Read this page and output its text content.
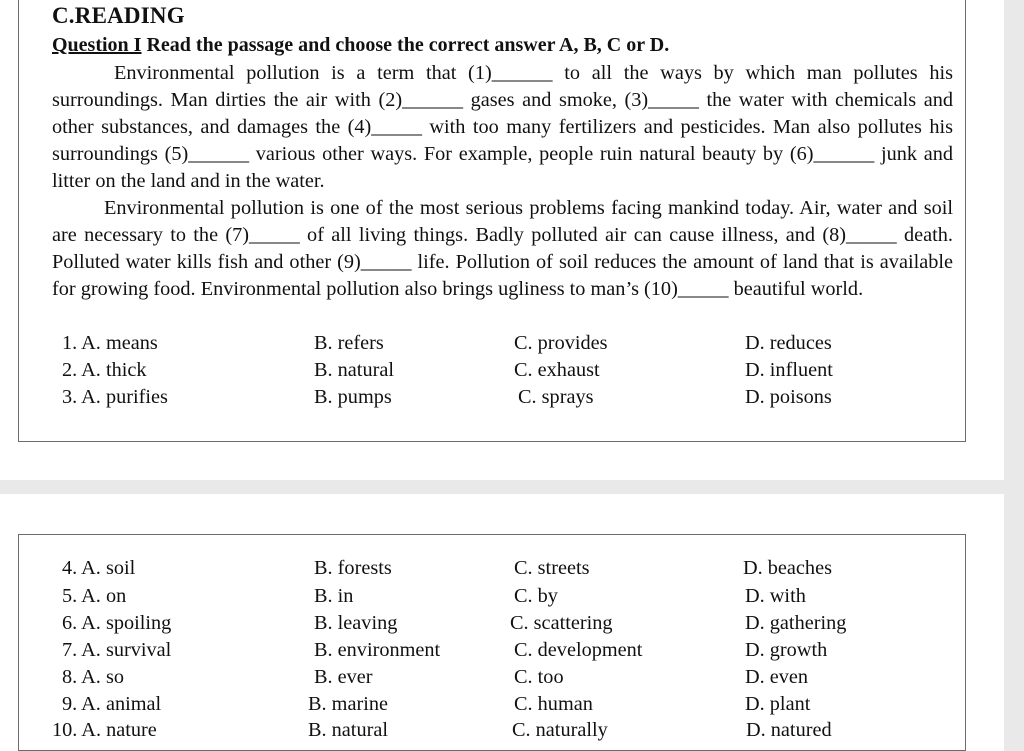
C.READING
Question I Read the passage and choose the correct answer A, B, C or D.

Environmental pollution is a term that (1)______ to all the ways by which man pollutes his surroundings. Man dirties the air with (2)______ gases and smoke, (3)_____ the water with chemicals and other substances, and damages the (4)_____ with too many fertilizers and pesticides. Man also pollutes his surroundings (5)______ various other ways. For example, people ruin natural beauty by (6)______ junk and litter on the land and in the water.

Environmental pollution is one of the most serious problems facing mankind today. Air, water and soil are necessary to the (7)_____ of all living things. Badly polluted air can cause illness, and (8)_____ death. Polluted water kills fish and other (9)_____ life. Pollution of soil reduces the amount of land that is available for growing food. Environmental pollution also brings ugliness to man’s (10)_____ beautiful world.

1. A. means	B. refers	C. provides	D. reduces
2. A. thick	B. natural	C. exhaust	D. influent
3. A. purifies	B. pumps	C. sprays	D. poisons
4. A. soil	B. forests	C. streets	D. beaches
5. A. on	B. in	C. by	D. with
6. A. spoiling	B. leaving	C. scattering	D. gathering
7. A. survival	B. environment	C. development	D. growth
8. A. so	B. ever	C. too	D. even
9. A. animal	B. marine	C. human	D. plant
10. A. nature	B. natural	C. naturally	D. natured
